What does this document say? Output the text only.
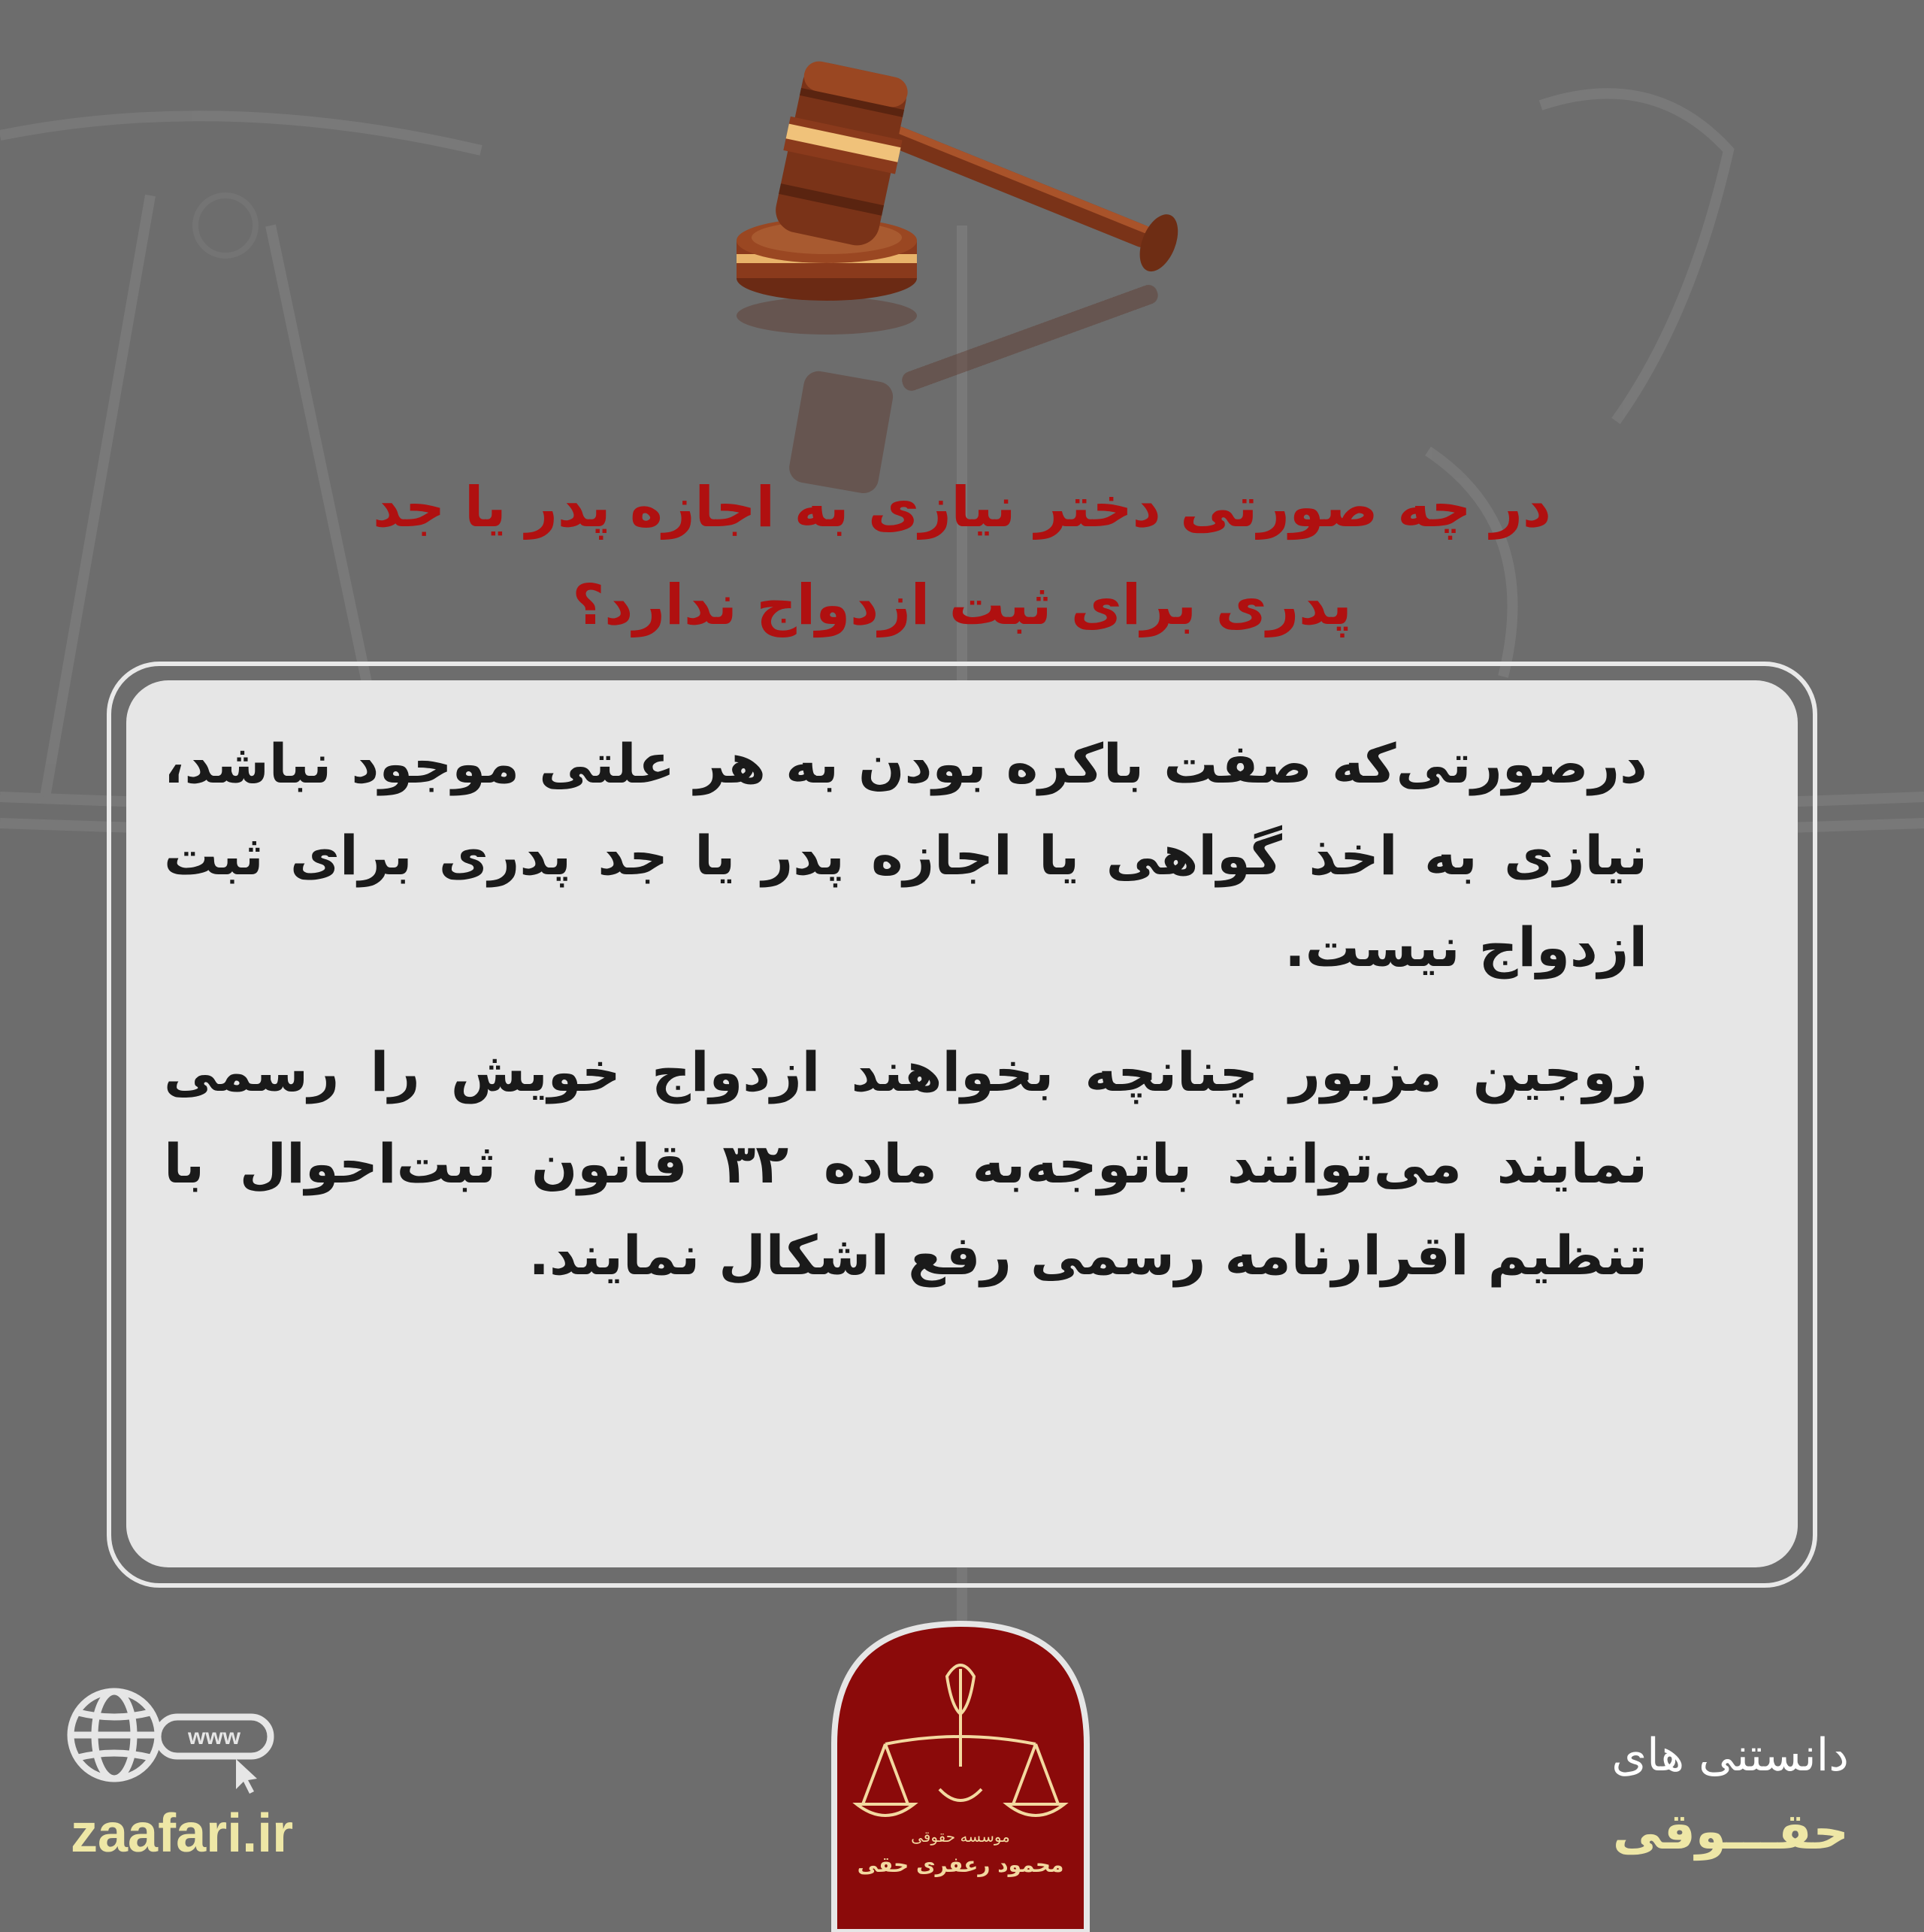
در چه صورتی دختر نیازی به اجازه پدر یا جد
پدری برای ثبت ازدواج ندارد؟

درصورتی‌که صفت باکره بودن به هر علتی موجود نباشد، نیازی به اخذ گواهی یا اجازه پدر یا جد پدری برای ثبت ازدواج نیست.

زوجین مزبور چنانچه بخواهند ازدواج خویش را رسمی نمایند می‌توانند باتوجه‌به ماده ۳۲ قانون ثبت‌احوال با تنظیم اقرارنامه رسمی رفع اشکال نمایند.

موسسه حقوقی
محمود رعفری حقی
www
zaafari.ir
دانستنی های
حقـــوقی
